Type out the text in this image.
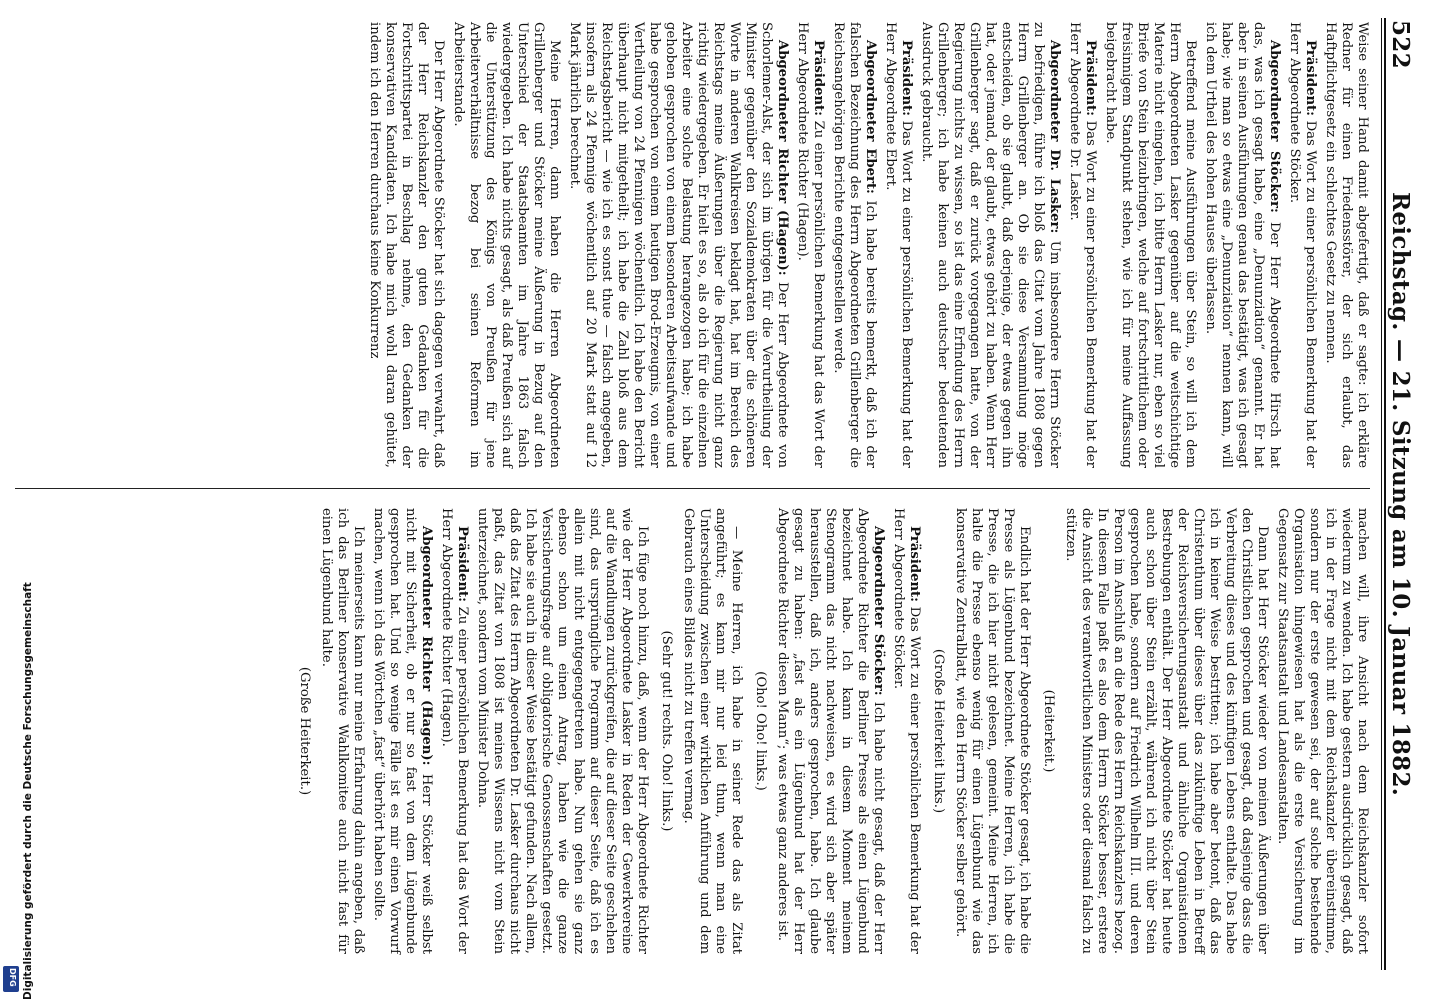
522
Reichstag. — 21. Sitzung am 10. Januar 1882.

Weise seiner Hand damit abgefertigt, daß er sagte: ich erkläre Redner für einen Friedensstörer, der sich erlaubt, das Haftpflichtgesetz ein schlechtes Gesetz zu nennen.

Präsident: Das Wort zu einer persönlichen Bemerkung hat der Herr Abgeordnete Stöcker.

Abgeordneter Stöcker: Der Herr Abgeordnete Hirsch hat das, was ich gesagt habe, eine „Denunziation“ genannt. Er hat aber in seinen Ausführungen genau das bestätigt, was ich gesagt habe; wie man so etwas eine „Denunziation“ nennen kann, will ich dem Urtheil des hohen Hauses überlassen.

Betreffend meine Ausführungen über Stein, so will ich dem Herrn Abgeordneten Lasker gegenüber auf die weitschichtige Materie nicht eingehen, ich bitte Herrn Lasker nur, eben so viel Briefe von Stein beizubringen, welche auf fortschrittlichem oder freisinnigem Standpunkt stehen, wie ich für meine Auffassung beigebracht habe.

Präsident: Das Wort zu einer persönlichen Bemerkung hat der Herr Abgeordnete Dr. Lasker.

Abgeordneter Dr. Lasker: Um insbesondere Herrn Stöcker zu befriedigen, führe ich bloß das Citat vom Jahre 1808 gegen Herrn Grillenberger an. Ob sie diese Versammlung möge entscheiden, ob sie glaubt, daß derjenige, der etwas gegen ihn hat, oder jemand, der glaubt, etwas gehört zu haben. Wenn Herr Grillenberger sagt, daß er zurück vorgegangen hatte, von der Regierung nichts zu wissen, so ist das eine Erfindung des Herrn Grillenberger; ich habe keinen auch deutscher bedeutenden Ausdruck gebraucht.

Präsident: Das Wort zu einer persönlichen Bemerkung hat der Herr Abgeordnete Ebert.

Abgeordneter Ebert: Ich habe bereits bemerkt, daß ich der falschen Bezeichnung des Herrn Abgeordneten Grillenberger die Reichsangehörigen Berichte entgegenstellen werde.

Präsident: Zu einer persönlichen Bemerkung hat das Wort der Herr Abgeordnete Richter (Hagen).

Abgeordneter Richter (Hagen): Der Herr Abgeordnete von Schorlemer-Alst, der sich im übrigen für die Verurtheilung der Minister gegenüber den Sozialdemokraten über die schöneren Worte in anderen Wahlkreisen beklagt hat, hat im Bereich des Reichstags meine Äußerungen über die Regierung nicht ganz richtig wiedergegeben. Er hielt es so, als ob ich für die einzelnen Arbeiter eine solche Belastung herangezogen habe; ich habe gehoben gesprochen von einem besonderen Arbeitsaufwande und habe gesprochen von einem heutigen Brod-Erzeugnis, von einer Vertheilung von 24 Pfennigen wöchentlich. Ich habe den Bericht überhaupt nicht mitgetheilt; ich habe die Zahl bloß aus dem Reichstagsbericht — wie ich es sonst thue — falsch angegeben, insofern als 24 Pfennige wöchentlich auf 20 Mark statt auf 12 Mark jährlich berechnet.

Meine Herren, dann haben die Herren Abgeordneten Grillenberger und Stöcker meine Äußerung in Bezug auf den Unterschied der Staatsbeamten im Jahre 1863 falsch wiedergegeben. Ich habe nichts gesagt, als daß Preußen sich auf die Unterstützung des Königs von Preußen für jene Arbeiterverhältnisse bezog bei seinen Reformen im Arbeiterstande.

Der Herr Abgeordnete Stöcker hat sich dagegen verwahrt, daß der Herr Reichskanzler den guten Gedanken für die Fortschrittspartei in Beschlag nehme, den Gedanken der konservativen Kandidaten. Ich habe mich wohl daran gehütet, indem ich den Herren durchaus keine Konkurrenz

machen will, ihre Ansicht nach dem Reichskanzler sofort wiederum zu wenden. Ich habe gestern ausdrücklich gesagt, daß ich in der Frage nicht mit dem Reichskanzler übereinstimme, sondern nur der erste gewesen sei, der auf solche bestehende Organisation hingewiesen hat als die erste Versicherung im Gegensatz zur Staatsanstalt und Landesanstalten.

Dann hat Herr Stöcker wieder von meinen Äußerungen über den Christlichen gesprochen und gesagt, daß dasjenige dass die Verbreitung dieses und des künftigen Lebens enthalte. Das habe ich in keiner Weise bestritten; ich habe aber betont, daß das Christenthum über dieses über das zukünftige Leben in Betreff der Reichsversicherungsanstalt und ähnliche Organisationen Bestrebungen enthält. Der Herr Abgeordnete Stöcker hat heute auch schon über Stein erzählt, während ich nicht über Stein gesprochen habe, sondern auf Friedrich Wilhelm III. und deren Person im Anschluß an die Rede des Herrn Reichskanzlers bezog. In diesem Falle paßt es also dem Herrn Stöcker besser, erstere die Ansicht des verantwortlichen Ministers oder diesmal falsch zu stützen.

(Heiterkeit.)

Endlich hat der Herr Abgeordnete Stöcker gesagt, ich habe die Presse als Lügenbund bezeichnet. Meine Herren, ich habe die Presse, die ich hier nicht gelesen, gemeint. Meine Herren, ich halte die Presse ebenso wenig für einen Lügenbund wie das konservative Zentralblatt, wie den Herrn Stöcker selber gehört.

(Große Heiterkeit links.)

Präsident: Das Wort zu einer persönlichen Bemerkung hat der Herr Abgeordnete Stöcker.

Abgeordneter Stöcker: Ich habe nicht gesagt, daß der Herr Abgeordnete Richter die Berliner Presse als einen Lügenbund bezeichnet habe. Ich kann in diesem Moment meinem Stenogramm das nicht nachweisen, es wird sich aber später herausstellen, daß ich, anders gesprochen, habe. Ich glaube gesagt zu haben: „fast als ein Lügenbund hat der Herr Abgeordnete Richter diesen Mann“; was etwas ganz anderes ist.

(Oho! Oho! links.)

— Meine Herren, ich habe in seiner Rede das als Zitat angeführt; es kann mir nur leid thun, wenn man eine Unterscheidung zwischen einer wirklichen Anführung und dem Gebrauch eines Bildes nicht zu treffen vermag.

(Sehr gut! rechts. Oho! links.)

Ich füge noch hinzu, daß, wenn der Herr Abgeordnete Richter wie der Herr Abgeordnete Lasker in Reden der Gewerkvereine auf die Wandlungen zurückgreifen, die auf dieser Seite geschehen sind, das ursprüngliche Programm auf dieser Seite, daß ich es allein mit nicht entgegengetreten habe. Nun gehen sie ganz ebenso schon um einen Antrag, haben wie die ganze Versicherungsfrage auf obligatorische Genossenschaften gesetzt. Ich habe sie auch in dieser Weise bestätigt gefunden. Nach allem, daß das Zitat des Herrn Abgeordneten Dr. Lasker durchaus nicht paßt, das Zitat von 1808 ist meines Wissens nicht vom Stein unterzeichnet, sondern vom Minister Dohna.

Präsident: Zu einer persönlichen Bemerkung hat das Wort der Herr Abgeordnete Richter (Hagen).

Abgeordneter Richter (Hagen): Herr Stöcker weiß selbst nicht mit Sicherheit, ob er nur so fast von dem Lügenbunde gesprochen hat. Und so wenige Fälle ist es mir einen Vorwurf machen, wenn ich das Wörtchen „fast“ überhört haben sollte.

Ich meinerseits kann nur meine Erfahrung dahin angeben, daß ich das Berliner konservative Wahlkomitee auch nicht fast für einen Lügenbund halte.

(Große Heiterkeit.)

Digitalisierung gefördert durch die Deutsche Forschungsgemeinschaft
DFG
